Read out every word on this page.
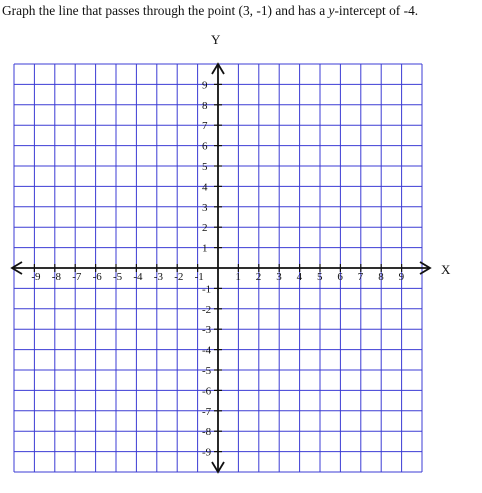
Graph the line that passes through the point (3, -1) and has a y-intercept of -4.
-9 -8 -7 -6 -5 -4 -3 -2 -1	1 2 3 4 5 6 7 8 9
9
8
7
6
5
4
3
2
1
-1
-2
-3
-4
-5
-6
-7
-8
-9
X
Y
